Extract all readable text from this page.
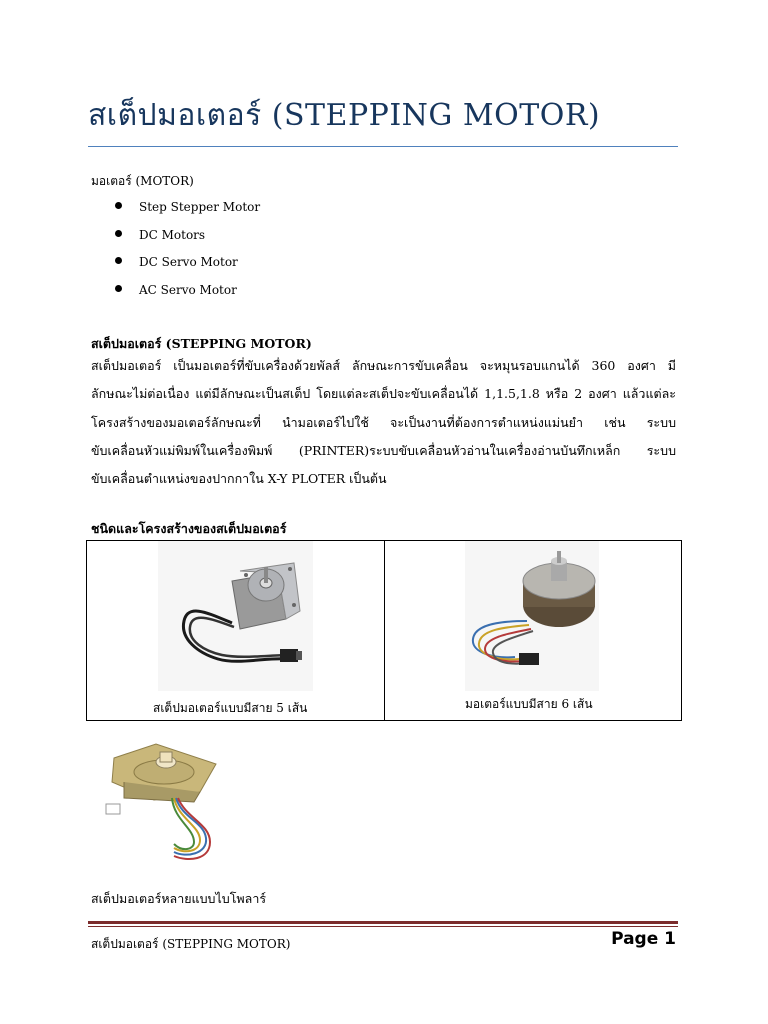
สเต็ปมอเตอร์ (STEPPING MOTOR)
มอเตอร์ (MOTOR)
Step Stepper Motor
DC Motors
DC Servo Motor
AC Servo Motor
สเต็ปมอเตอร์ (STEPPING MOTOR)
สเต็ปมอเตอร์ เป็นมอเตอร์ที่ขับเครื่องด้วยพัลส์ ลักษณะการขับเคลื่อน จะหมุนรอบแกนได้ 360 องศา มี
ลักษณะไม่ต่อเนื่อง แต่มีลักษณะเป็นสเต็ป โดยแต่ละสเต็ปจะขับเคลื่อนได้ 1,1.5,1.8 หรือ 2 องศา แล้วแต่ละ
โครงสร้างของมอเตอร์ลักษณะที่ นำมอเตอร์ไปใช้ จะเป็นงานที่ต้องการตำแหน่งแม่นยำ เช่น ระบบ
ขับเคลื่อนหัวแม่พิมพ์ในเครื่องพิมพ์ (PRINTER)ระบบขับเคลื่อนหัวอ่านในเครื่องอ่านบันทึกเหล็ก ระบบ
ขับเคลื่อนตำแหน่งของปากกาใน X-Y PLOTER เป็นต้น
ชนิดและโครงสร้างของสเต็ปมอเตอร์
สเต็ปมอเตอร์แบบมีสาย 5 เส้น	มอเตอร์แบบมีสาย 6 เส้น
สเต็ปมอเตอร์หลายแบบไบโพลาร์
สเต็ปมอเตอร์ (STEPPING MOTOR)	Page 1
